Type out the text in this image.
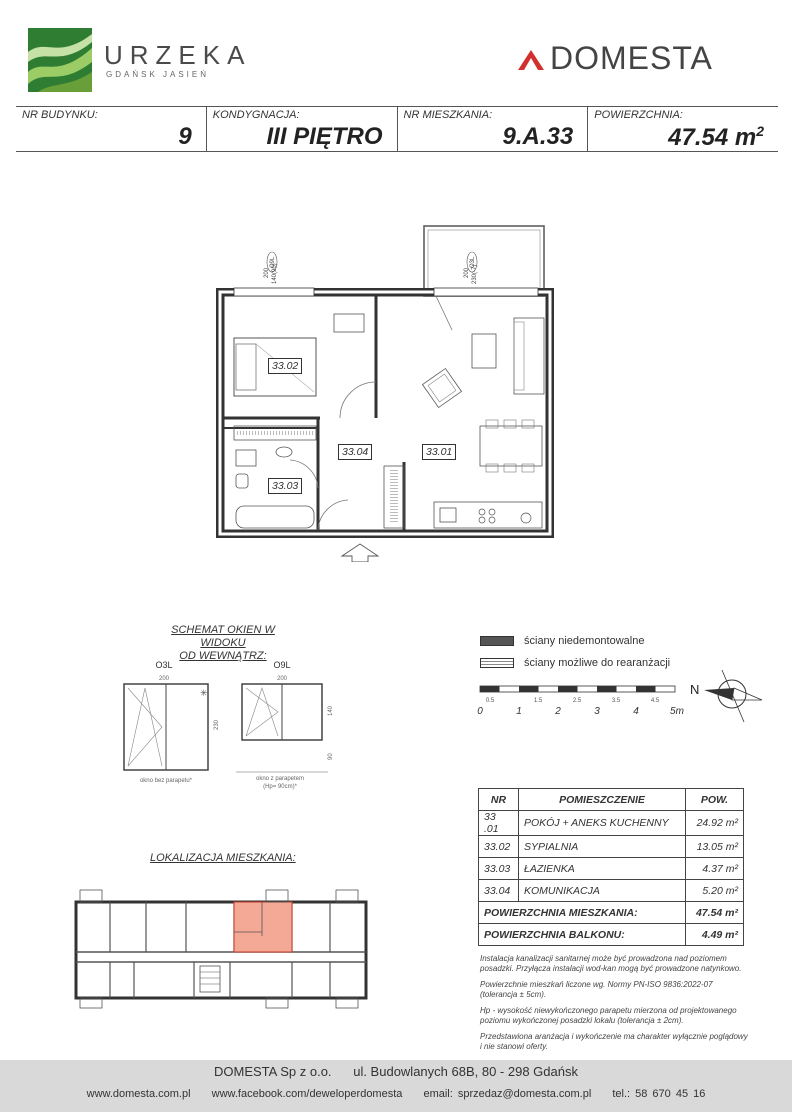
URZEKA
GDAŃSK JASIEŃ	DOMESTA
NR BUDYNKU:
9
KONDYGNACJA:
III PIĘTRO
NR MIESZKANIA:
9.A.33
POWIERZCHNIA:
47.54 $m^2$
200 140(90)	200 230(-7)
O9L	O3L
33.02
33.03
33.04	33.01
SCHEMAT OKIEN W WIDOKU
OD WEWNĄTRZ:
O3L
200
✳
230
okno bez parapetu*
O9L
200
140
90
okno z parapetem
(Hp= 90cm)*
ściany niedemontowalne
ściany możliwe do rearanżacji
0.5	1.5	2.5	3.5	4.5
0	1	2	3	4	5m
N
LOKALIZACJA MIESZKANIA:
NR	POMIESZCZENIE	POW.
33 .01	POKÓJ + ANEKS KUCHENNY	24.92 m²
33.02	SYPIALNIA	13.05 m²
33.03	ŁAZIENKA	4.37 m²
33.04	KOMUNIKACJA	5.20 m²
POWIERZCHNIA MIESZKANIA:		47.54 m²
POWIERZCHNIA BALKONU:		4.49 m²

Instalacja kanalizacji sanitarnej może być prowadzona nad poziomem posadzki. Przyłącza instalacji wod-kan mogą być prowadzone natynkowo.

Powierzchnie mieszkań liczone wg. Normy PN-ISO 9836:2022-07 (tolerancja ± 5cm).

Hp - wysokość niewykończonego parapetu mierzona od projektowanego poziomu wykończonej posadzki lokalu (tolerancja ± 2cm).

Przedstawiona aranżacja i wykończenie ma charakter wyłącznie poglądowy i nie stanowi oferty.

DOMESTA Sp z o.o. ul. Budowlanych 68B, 80 - 298 Gdańsk
www.domesta.com.pl www.facebook.com/deweloperdomesta email: sprzedaz@domesta.com.pl tel.: 58 670 45 16
